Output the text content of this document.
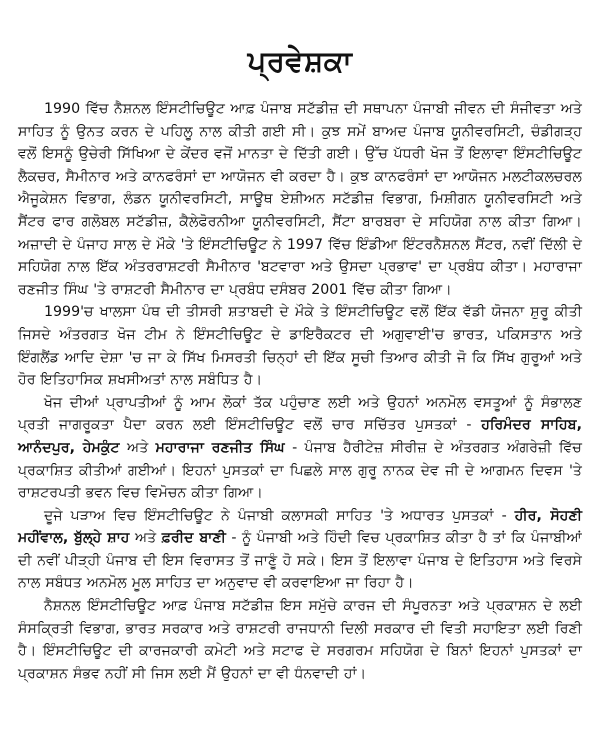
ਪ੍ਰਵੇਸ਼ਕਾ

1990 ਵਿੱਚ ਨੈਸ਼ਨਲ ਇੰਸਟੀਚਿਊਟ ਆਫ਼ ਪੰਜਾਬ ਸਟੱਡੀਜ਼ ਦੀ ਸਥਾਪਨਾ ਪੰਜਾਬੀ ਜੀਵਨ ਦੀ ਸੰਜੀਵਤਾ ਅਤੇ ਸਾਹਿਤ ਨੂੰ ਉਨਤ ਕਰਨ ਦੇ ਪਹਿਲੂ ਨਾਲ ਕੀਤੀ ਗਈ ਸੀ। ਕੁਝ ਸਮੇਂ ਬਾਅਦ ਪੰਜਾਬ ਯੂਨੀਵਰਸਿਟੀ, ਚੰਡੀਗੜ੍ਹ ਵਲੋਂ ਇਸਨੂੰ ਉਚੇਰੀ ਸਿੱਖਿਆ ਦੇ ਕੇਂਦਰ ਵਜੋਂ ਮਾਨਤਾ ਦੇ ਦਿੱਤੀ ਗਈ। ਉੱਚ ਪੱਧਰੀ ਖੋਜ ਤੋਂ ਇਲਾਵਾ ਇੰਸਟੀਚਿਊਟ ਲੈਕਚਰ, ਸੈਮੀਨਾਰ ਅਤੇ ਕਾਨਫਰੰਸਾਂ ਦਾ ਆਯੋਜਨ ਵੀ ਕਰਦਾ ਹੈ। ਕੁਝ ਕਾਨਫਰੰਸਾਂ ਦਾ ਆਯੋਜਨ ਮਲਟੀਕਲਚਰਲ ਐਜੂਕੇਸ਼ਨ ਵਿਭਾਗ, ਲੰਡਨ ਯੂਨੀਵਰਸਿਟੀ, ਸਾਊਥ ਏਸ਼ੀਅਨ ਸਟੱਡੀਜ਼ ਵਿਭਾਗ, ਮਿਸ਼ੀਗਨ ਯੂਨੀਵਰਸਿਟੀ ਅਤੇ ਸੈਂਟਰ ਫਾਰ ਗਲੋਬਲ ਸਟੱਡੀਜ਼, ਕੈਲੇਫੋਰਨੀਆ ਯੂਨੀਵਰਸਿਟੀ, ਸੈਂਟਾ ਬਾਰਬਰਾ ਦੇ ਸਹਿਯੋਗ ਨਾਲ ਕੀਤਾ ਗਿਆ। ਅਜ਼ਾਦੀ ਦੇ ਪੰਜਾਹ ਸਾਲ ਦੇ ਮੌਕੇ 'ਤੇ ਇੰਸਟੀਚਿਊਟ ਨੇ 1997 ਵਿੱਚ ਇੰਡੀਆ ਇੰਟਰਨੈਸ਼ਨਲ ਸੈਂਟਰ, ਨਵੀਂ ਦਿੱਲੀ ਦੇ ਸਹਿਯੋਗ ਨਾਲ ਇੱਕ ਅੰਤਰਰਾਸ਼ਟਰੀ ਸੈਮੀਨਾਰ 'ਬਟਵਾਰਾ ਅਤੇ ਉਸਦਾ ਪ੍ਰਭਾਵ' ਦਾ ਪ੍ਰਬੰਧ ਕੀਤਾ। ਮਹਾਰਾਜਾ ਰਣਜੀਤ ਸਿੰਘ 'ਤੇ ਰਾਸ਼ਟਰੀ ਸੈਮੀਨਾਰ ਦਾ ਪ੍ਰਬੰਧ ਦਸੰਬਰ 2001 ਵਿੱਚ ਕੀਤਾ ਗਿਆ।

1999'ਚ ਖਾਲਸਾ ਪੰਥ ਦੀ ਤੀਸਰੀ ਸ਼ਤਾਬਦੀ ਦੇ ਮੌਕੇ ਤੇ ਇੰਸਟੀਚਿਊਟ ਵਲੋਂ ਇੱਕ ਵੱਡੀ ਯੋਜਨਾ ਸ਼ੁਰੂ ਕੀਤੀ ਜਿਸਦੇ ਅੰਤਰਗਤ ਖੋਜ ਟੀਮ ਨੇ ਇੰਸਟੀਚਿਊਟ ਦੇ ਡਾਇਰੈਕਟਰ ਦੀ ਅਗੁਵਾਈ'ਚ ਭਾਰਤ, ਪਕਿਸਤਾਨ ਅਤੇ ਇੰਗਲੈਂਡ ਆਦਿ ਦੇਸ਼ਾ 'ਚ ਜਾ ਕੇ ਸਿੱਖ ਮਿਸਰਤੀ ਚਿਨ੍ਹਾਂ ਦੀ ਇੱਕ ਸੂਚੀ ਤਿਆਰ ਕੀਤੀ ਜੋ ਕਿ ਸਿੱਖ ਗੁਰੂਆਂ ਅਤੇ ਹੋਰ ਇਤਿਹਾਸਿਕ ਸ਼ਖਸੀਅਤਾਂ ਨਾਲ ਸਬੰਧਿਤ ਹੈ।

ਖੋਜ ਦੀਆਂ ਪ੍ਰਾਪਤੀਆਂ ਨੂੰ ਆਮ ਲੋਕਾਂ ਤੱਕ ਪਹੁੰਚਾਣ ਲਈ ਅਤੇ ਉਹਨਾਂ ਅਨਮੋਲ ਵਸਤੂਆਂ ਨੂੰ ਸੰਭਾਲਣ ਪ੍ਰਤੀ ਜਾਗਰੂਕਤਾ ਪੈਦਾ ਕਰਨ ਲਈ ਇੰਸਟੀਚਿਊਟ ਵਲੋਂ ਚਾਰ ਸਚਿੱਤਰ ਪੁਸਤਕਾਂ - ਹਰਿਮੰਦਰ ਸਾਹਿਬ, ਆਨੰਦਪੁਰ, ਹੇਮਕੁੰਟ ਅਤੇ ਮਹਾਰਾਜਾ ਰਣਜੀਤ ਸਿੰਘ - ਪੰਜਾਬ ਹੈਰੀਟੇਜ਼ ਸੀਰੀਜ਼ ਦੇ ਅੰਤਰਗਤ ਅੰਗਰੇਜ਼ੀ ਵਿੱਚ ਪ੍ਰਕਾਸ਼ਿਤ ਕੀਤੀਆਂ ਗਈਆਂ। ਇਹਨਾਂ ਪੁਸਤਕਾਂ ਦਾ ਪਿਛਲੇ ਸਾਲ ਗੁਰੂ ਨਾਨਕ ਦੇਵ ਜੀ ਦੇ ਆਗਮਨ ਦਿਵਸ 'ਤੇ ਰਾਸ਼ਟਰਪਤੀ ਭਵਨ ਵਿਚ ਵਿਮੋਚਨ ਕੀਤਾ ਗਿਆ।

ਦੂਜੇ ਪੜਾਅ ਵਿਚ ਇੰਸਟੀਚਿਊਟ ਨੇ ਪੰਜਾਬੀ ਕਲਾਸਕੀ ਸਾਹਿਤ 'ਤੇ ਅਧਾਰਤ ਪੁਸਤਕਾਂ - ਹੀਰ, ਸੋਹਣੀ ਮਹੀਂਵਾਲ, ਬੁੱਲ੍ਹੇ ਸ਼ਾਹ ਅਤੇ ਫ਼ਰੀਦ ਬਾਣੀ - ਨੂੰ ਪੰਜਾਬੀ ਅਤੇ ਹਿੰਦੀ ਵਿਚ ਪ੍ਰਕਾਸ਼ਿਤ ਕੀਤਾ ਹੈ ਤਾਂ ਕਿ ਪੰਜਾਬੀਆਂ ਦੀ ਨਵੀਂ ਪੀੜ੍ਹੀ ਪੰਜਾਬ ਦੀ ਇਸ ਵਿਰਾਸਤ ਤੋਂ ਜਾਣੂੰ ਹੋ ਸਕੇ। ਇਸ ਤੋਂ ਇਲਾਵਾ ਪੰਜਾਬ ਦੇ ਇਤਿਹਾਸ ਅਤੇ ਵਿਰਸੇ ਨਾਲ ਸਬੰਧਤ ਅਨਮੋਲ ਮੂਲ ਸਾਹਿਤ ਦਾ ਅਨੁਵਾਦ ਵੀ ਕਰਵਾਇਆ ਜਾ ਰਿਹਾ ਹੈ।

ਨੈਸ਼ਨਲ ਇੰਸਟੀਚਿਊਟ ਆਫ਼ ਪੰਜਾਬ ਸਟੱਡੀਜ਼ ਇਸ ਸਮੁੱਚੇ ਕਾਰਜ ਦੀ ਸੰਪੂਰਨਤਾ ਅਤੇ ਪ੍ਰਕਾਸ਼ਨ ਦੇ ਲਈ ਸੰਸਕ੍ਰਿਤੀ ਵਿਭਾਗ, ਭਾਰਤ ਸਰਕਾਰ ਅਤੇ ਰਾਸ਼ਟਰੀ ਰਾਜਧਾਨੀ ਦਿਲੀ ਸਰਕਾਰ ਦੀ ਵਿਤੀ ਸਹਾਇਤਾ ਲਈ ਰਿਣੀ ਹੈ। ਇੰਸਟੀਚਿਊਟ ਦੀ ਕਾਰਜਕਾਰੀ ਕਮੇਟੀ ਅਤੇ ਸਟਾਫ ਦੇ ਸਰਗਰਮ ਸਹਿਯੋਗ ਦੇ ਬਿਨਾਂ ਇਹਨਾਂ ਪੁਸਤਕਾਂ ਦਾ ਪ੍ਰਕਾਸ਼ਨ ਸੰਭਵ ਨਹੀਂ ਸੀ ਜਿਸ ਲਈ ਮੈਂ ਉਹਨਾਂ ਦਾ ਵੀ ਧੰਨਵਾਦੀ ਹਾਂ।
